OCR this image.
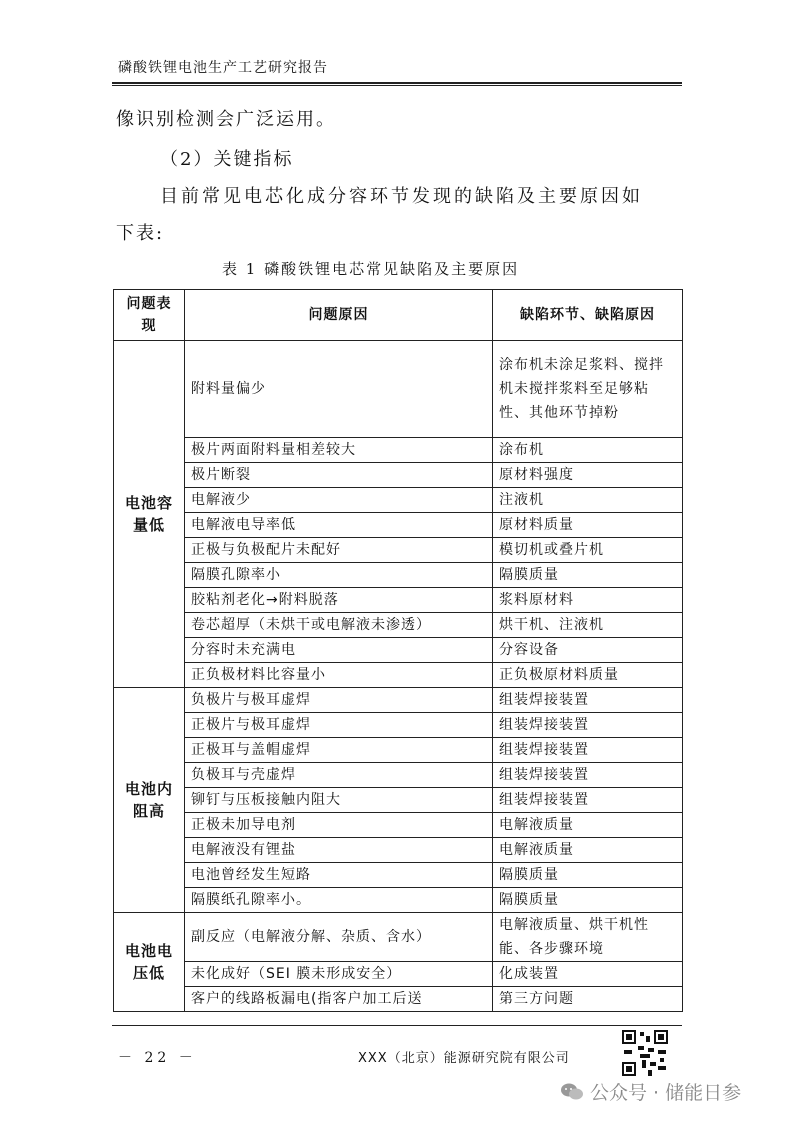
磷酸铁锂电池生产工艺研究报告
像识别检测会广泛运用。
（2）关键指标
目前常见电芯化成分容环节发现的缺陷及主要原因如
下表:
表 1 磷酸铁锂电芯常见缺陷及主要原因
问题表现	问题原因	缺陷环节、缺陷原因
电池容量低	附料量偏少	涂布机未涂足浆料、搅拌机未搅拌浆料至足够粘性、其他环节掉粉
	极片两面附料量相差较大	涂布机
	极片断裂	原材料强度
	电解液少	注液机
	电解液电导率低	原材料质量
	正极与负极配片未配好	模切机或叠片机
	隔膜孔隙率小	隔膜质量
	胶粘剂老化→附料脱落	浆料原材料
	卷芯超厚（未烘干或电解液未渗透）	烘干机、注液机
	分容时未充满电	分容设备
	正负极材料比容量小	正负极原材料质量
电池内阻高	负极片与极耳虚焊	组装焊接装置
	正极片与极耳虚焊	组装焊接装置
	正极耳与盖帽虚焊	组装焊接装置
	负极耳与壳虚焊	组装焊接装置
	铆钉与压板接触内阻大	组装焊接装置
	正极未加导电剂	电解液质量
	电解液没有锂盐	电解液质量
	电池曾经发生短路	隔膜质量
	隔膜纸孔隙率小。	隔膜质量
电池电压低	副反应（电解液分解、杂质、含水）	电解液质量、烘干机性能、各步骤环境
	未化成好（SEI 膜未形成安全）	化成装置
	客户的线路板漏电(指客户加工后送	第三方问题
－ 22 －	XXX（北京）能源研究院有限公司
公众号 · 储能日参
